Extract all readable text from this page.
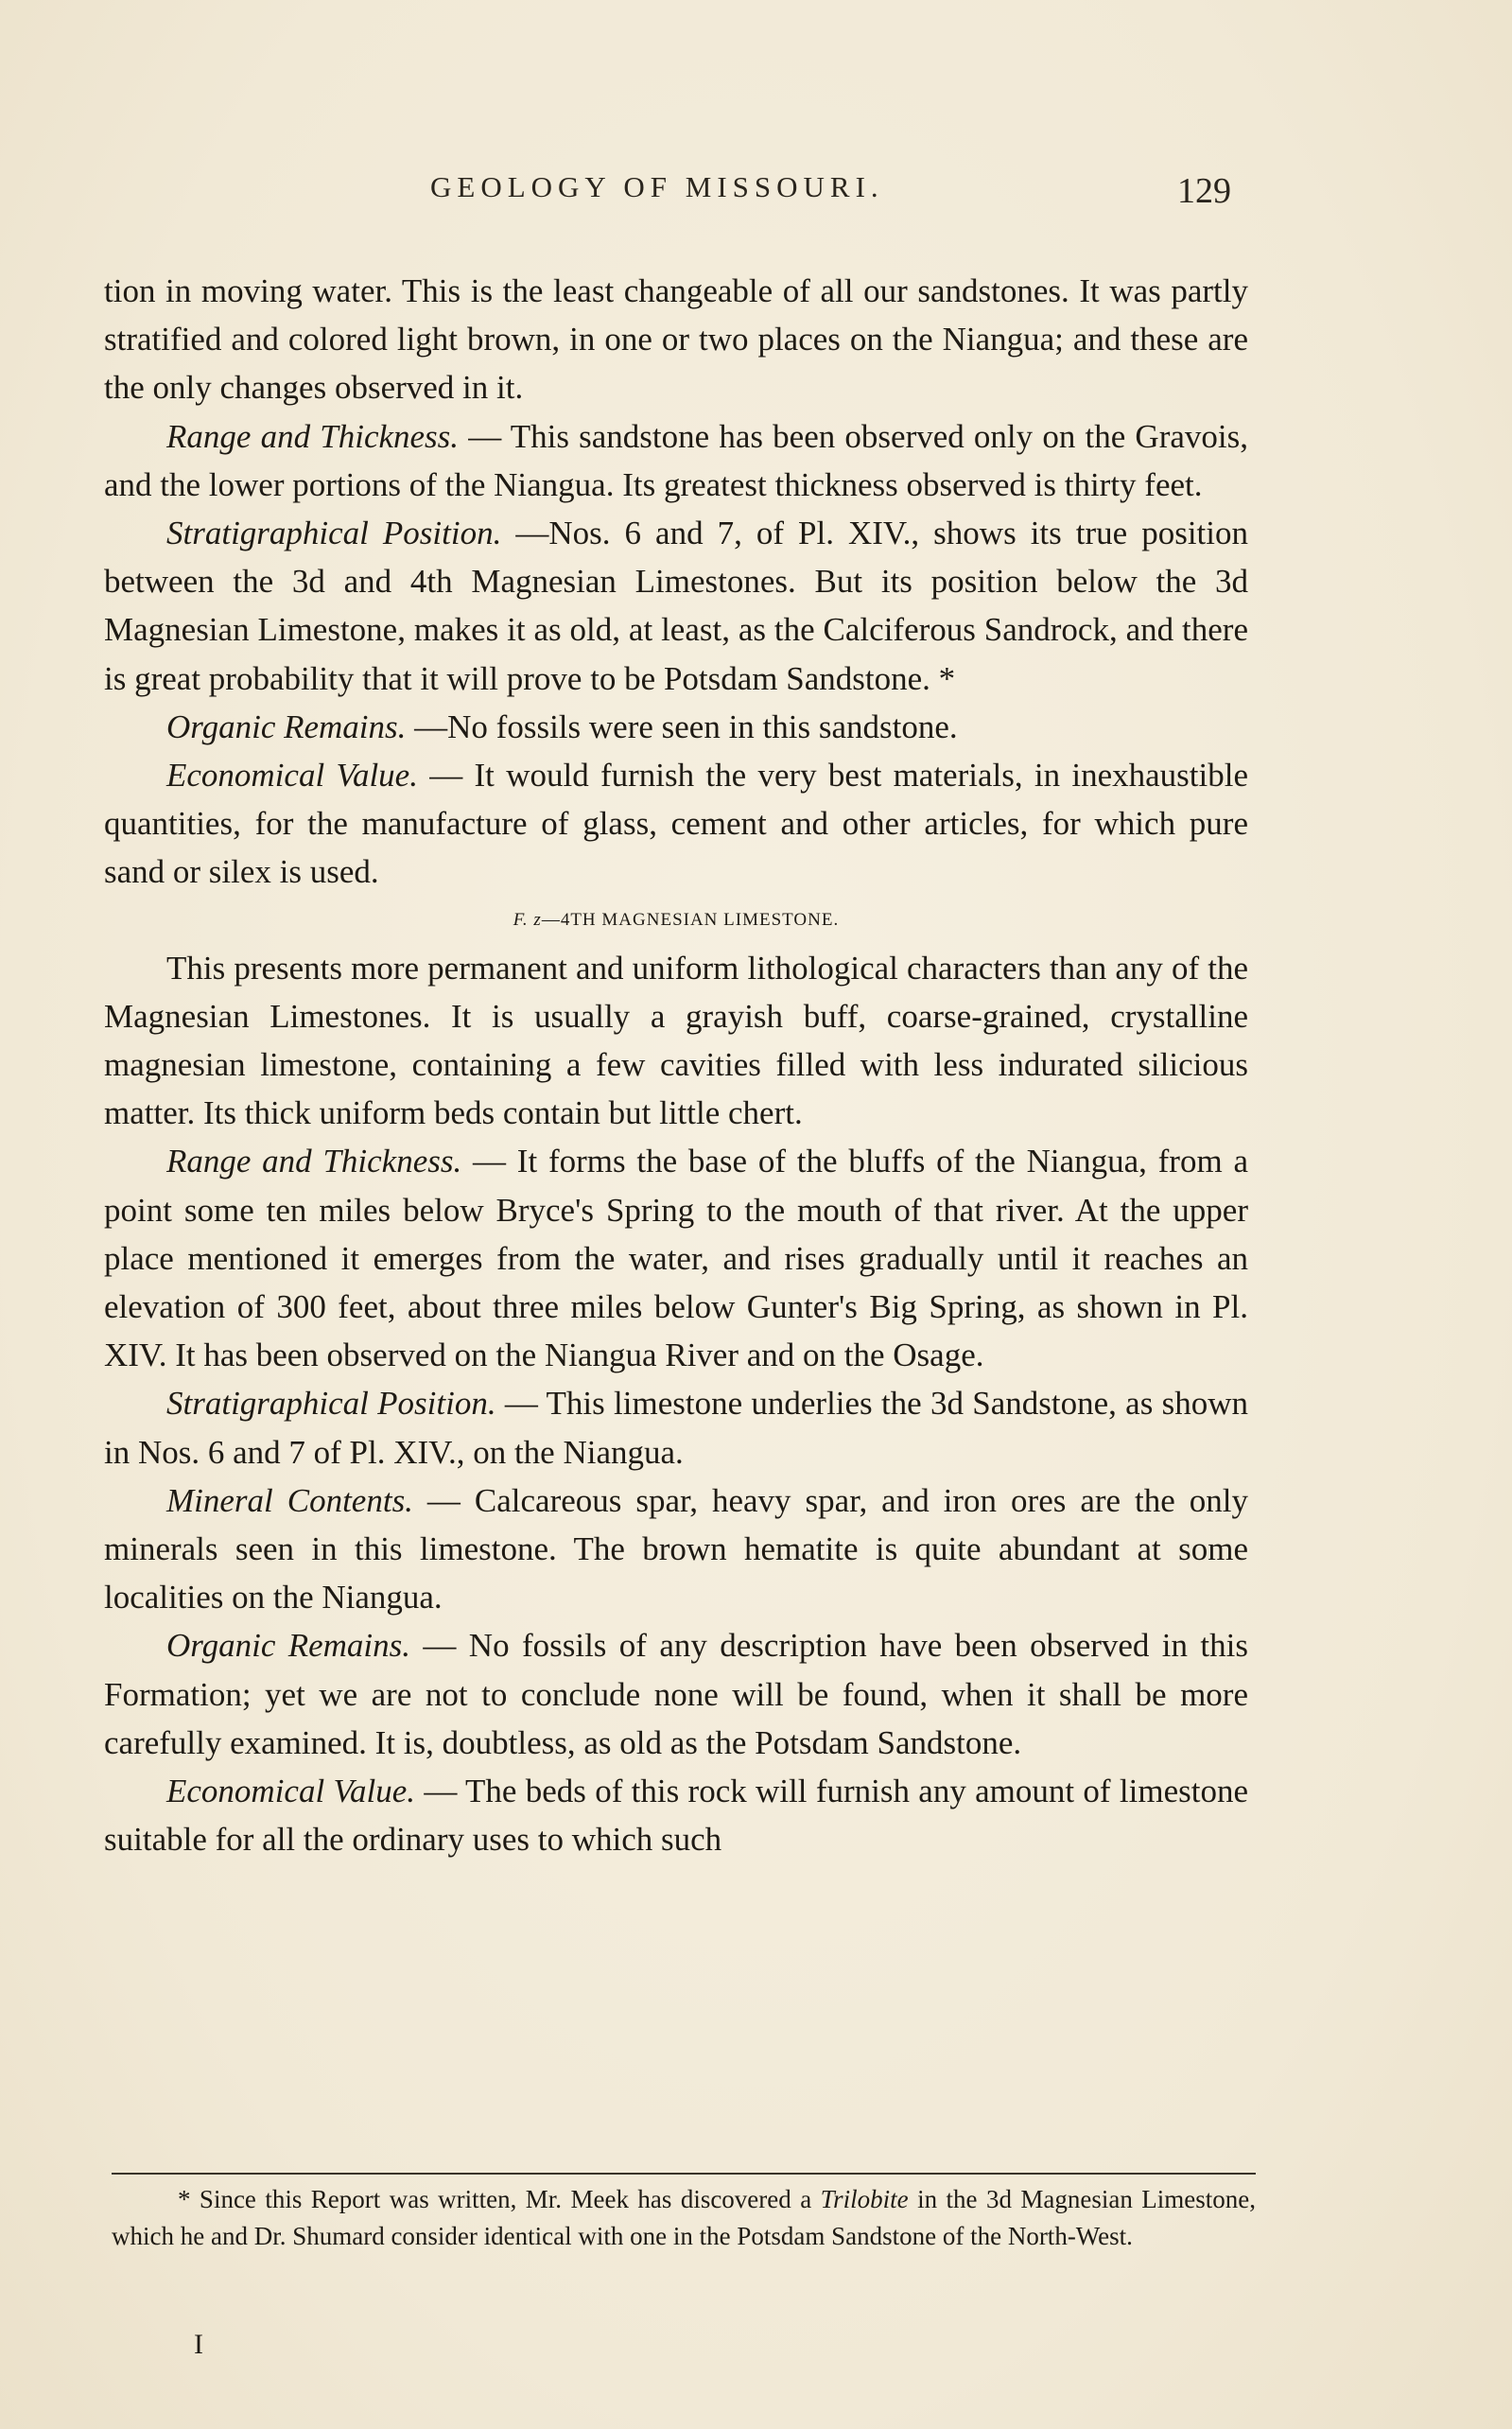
GEOLOGY OF MISSOURI.	129

tion in moving water. This is the least changeable of all our sandstones. It was partly stratified and colored light brown, in one or two places on the Niangua; and these are the only changes observed in it.

Range and Thickness. — This sandstone has been observed only on the Gravois, and the lower portions of the Niangua. Its greatest thickness observed is thirty feet.

Stratigraphical Position. —Nos. 6 and 7, of Pl. XIV., shows its true position between the 3d and 4th Magnesian Limestones. But its position below the 3d Magnesian Limestone, makes it as old, at least, as the Calciferous Sandrock, and there is great probability that it will prove to be Potsdam Sandstone. *

Organic Remains. —No fossils were seen in this sandstone.

Economical Value. — It would furnish the very best materials, in inexhaustible quantities, for the manufacture of glass, cement and other articles, for which pure sand or silex is used.

F. z—4TH MAGNESIAN LIMESTONE.

This presents more permanent and uniform lithological characters than any of the Magnesian Limestones. It is usually a grayish buff, coarse-grained, crystalline magnesian limestone, containing a few cavities filled with less indurated silicious matter. Its thick uniform beds contain but little chert.

Range and Thickness. — It forms the base of the bluffs of the Niangua, from a point some ten miles below Bryce's Spring to the mouth of that river. At the upper place mentioned it emerges from the water, and rises gradually until it reaches an elevation of 300 feet, about three miles below Gunter's Big Spring, as shown in Pl. XIV. It has been observed on the Niangua River and on the Osage.

Stratigraphical Position. — This limestone underlies the 3d Sandstone, as shown in Nos. 6 and 7 of Pl. XIV., on the Niangua.

Mineral Contents. — Calcareous spar, heavy spar, and iron ores are the only minerals seen in this limestone. The brown hematite is quite abundant at some localities on the Niangua.

Organic Remains. — No fossils of any description have been observed in this Formation; yet we are not to conclude none will be found, when it shall be more carefully examined. It is, doubtless, as old as the Potsdam Sandstone.

Economical Value. — The beds of this rock will furnish any amount of limestone suitable for all the ordinary uses to which such

* Since this Report was written, Mr. Meek has discovered a Trilobite in the 3d Magnesian Limestone, which he and Dr. Shumard consider identical with one in the Potsdam Sandstone of the North-West.

I
